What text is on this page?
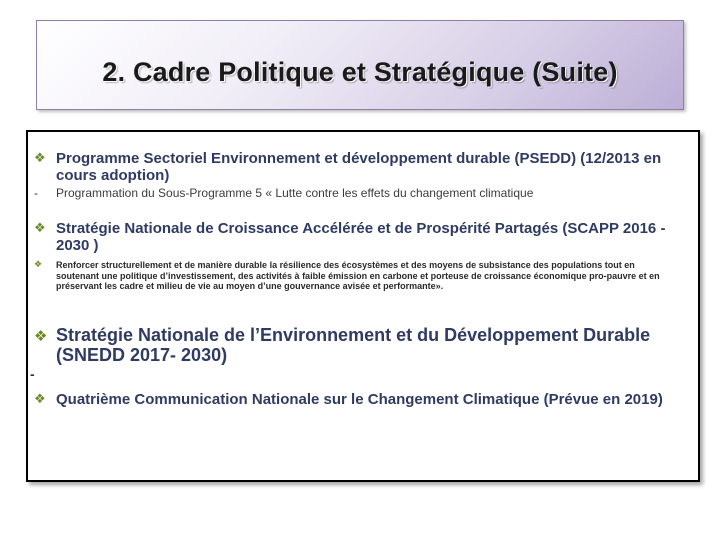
2. Cadre Politique et Stratégique (Suite)
❖ Programme Sectoriel Environnement et développement durable (PSEDD) (12/2013 en cours adoption)
- Programmation du Sous-Programme 5 « Lutte contre les effets du changement climatique
❖ Stratégie Nationale de Croissance Accélérée et de Prospérité Partagés (SCAPP 2016 - 2030 )
❖ Renforcer structurellement et de manière durable la résilience des écosystèmes et des moyens de subsistance des populations tout en soutenant une politique d’investissement, des activités à faible émission en carbone et porteuse de croissance économique pro-pauvre et en préservant les cadre et milieu de vie au moyen d’une gouvernance avisée et performante».
❖ Stratégie Nationale de l’Environnement et du Développement Durable (SNEDD 2017- 2030)
-
❖ Quatrième Communication Nationale sur le Changement Climatique (Prévue en 2019)
